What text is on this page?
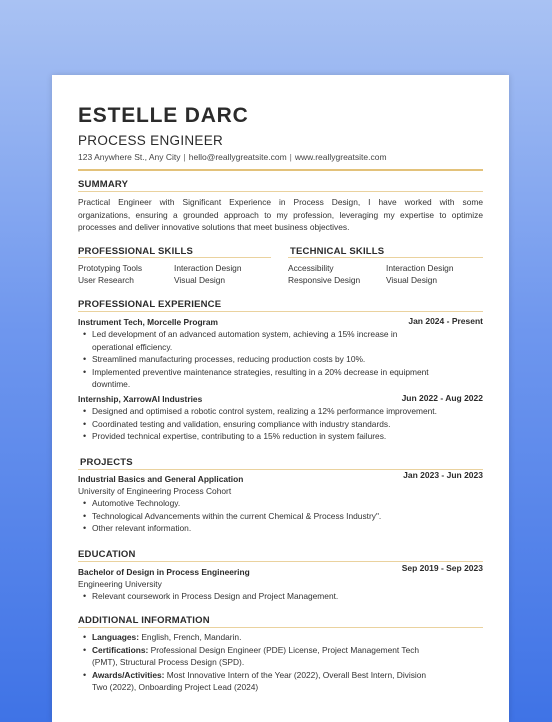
ESTELLE DARC
PROCESS ENGINEER
123 Anywhere St., Any City | hello@reallygreatsite.com | www.reallygreatsite.com
SUMMARY
Practical Engineer with Significant Experience in Process Design, I have worked with some
organizations, ensuring a grounded approach to my profession, leveraging my expertise to optimize
processes and deliver innovative solutions that meet business objectives.
PROFESSIONAL SKILLS
Prototyping Tools	Interaction Design
User Research	Visual Design
TECHNICAL SKILLS
Accessibility	Interaction Design
Responsive Design	Visual Design
PROFESSIONAL EXPERIENCE
Instrument Tech, Morcelle Program	Jan 2024 - Present
• Led development of an advanced automation system, achieving a 15% increase in
operational efficiency.
• Streamlined manufacturing processes, reducing production costs by 10%.
• Implemented preventive maintenance strategies, resulting in a 20% decrease in equipment
downtime.
Internship, XarrowAI Industries	Jun 2022 - Aug 2022
• Designed and optimised a robotic control system, realizing a 12% performance improvement.
• Coordinated testing and validation, ensuring compliance with industry standards.
• Provided technical expertise, contributing to a 15% reduction in system failures.
PROJECTS
Industrial Basics and General Application	Jan 2023 - Jun 2023
University of Engineering Process Cohort
• Automotive Technology.
• Technological Advancements within the current Chemical & Process Industry".
• Other relevant information.
EDUCATION
Bachelor of Design in Process Engineering	Sep 2019 - Sep 2023
Engineering University
• Relevant coursework in Process Design and Project Management.
ADDITIONAL INFORMATION
• Languages: English, French, Mandarin.
• Certifications: Professional Design Engineer (PDE) License, Project Management Tech
(PMT), Structural Process Design (SPD).
• Awards/Activities: Most Innovative Intern of the Year (2022), Overall Best Intern, Division
Two (2022), Onboarding Project Lead (2024)
